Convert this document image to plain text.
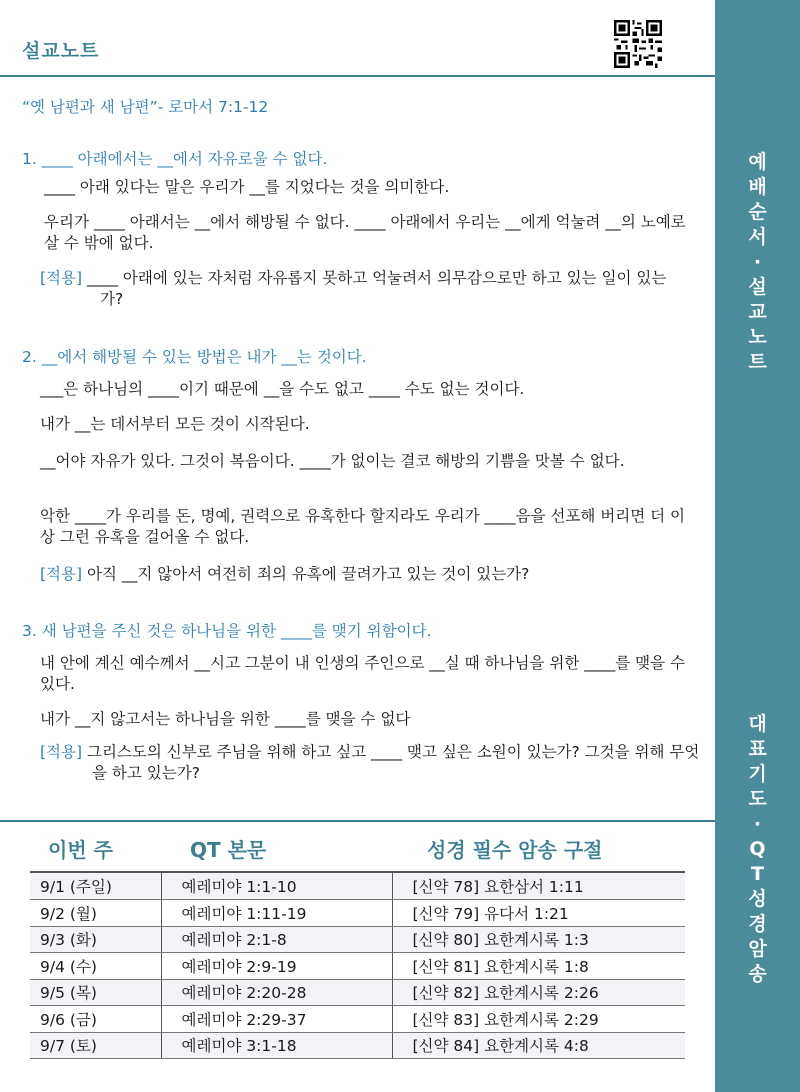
예
배
순
서
·
설
교
노
트
대
표
기
도
·
Q
T
성
경
암
송
설교노트
“옛 남편과 새 남편”- 로마서 7:1-12
1. ____ 아래에서는 __에서 자유로울 수 없다.
____ 아래 있다는 말은 우리가 __를 지었다는 것을 의미한다.
우리가 ____ 아래서는 __에서 해방될 수 없다. ____ 아래에서 우리는 __에게 억눌려 __의 노예로 살 수 밖에 없다.
[적용] ____ 아래에 있는 자처럼 자유롭지 못하고 억눌려서 의무감으로만 하고 있는 일이 있는가?
2. __에서 해방될 수 있는 방법은 내가 __는 것이다.
___은 하나님의 ____이기 때문에 __을 수도 없고 ____ 수도 없는 것이다.
내가 __는 데서부터 모든 것이 시작된다.
__어야 자유가 있다. 그것이 복음이다. ____가 없이는 결코 해방의 기쁨을 맛볼 수 없다.
악한 ____가 우리를 돈, 명예, 권력으로 유혹한다 할지라도 우리가 ____음을 선포해 버리면 더 이상 그런 유혹을 걸어올 수 없다.
[적용] 아직 __지 않아서 여전히 죄의 유혹에 끌려가고 있는 것이 있는가?
3. 새 남편을 주신 것은 하나님을 위한 ____를 맺기 위함이다.
내 안에 계신 예수께서 __시고 그분이 내 인생의 주인으로 __실 때 하나님을 위한 ____를 맺을 수 있다.
내가 __지 않고서는 하나님을 위한 ____를 맺을 수 없다
[적용] 그리스도의 신부로 주님을 위해 하고 싶고 ____ 맺고 싶은 소원이 있는가? 그것을 위해 무엇을 하고 있는가?
이번 주	QT 본문	성경 필수 암송 구절
9/1 (주일)	예레미야 1:1-10	[신약 78] 요한삼서 1:11
9/2 (월)	예레미야 1:11-19	[신약 79] 유다서 1:21
9/3 (화)	예레미야 2:1-8	[신약 80] 요한계시록 1:3
9/4 (수)	예레미야 2:9-19	[신약 81] 요한계시록 1:8
9/5 (목)	예레미야 2:20-28	[신약 82] 요한계시록 2:26
9/6 (금)	예레미야 2:29-37	[신약 83] 요한계시록 2:29
9/7 (토)	예레미야 3:1-18	[신약 84] 요한계시록 4:8
